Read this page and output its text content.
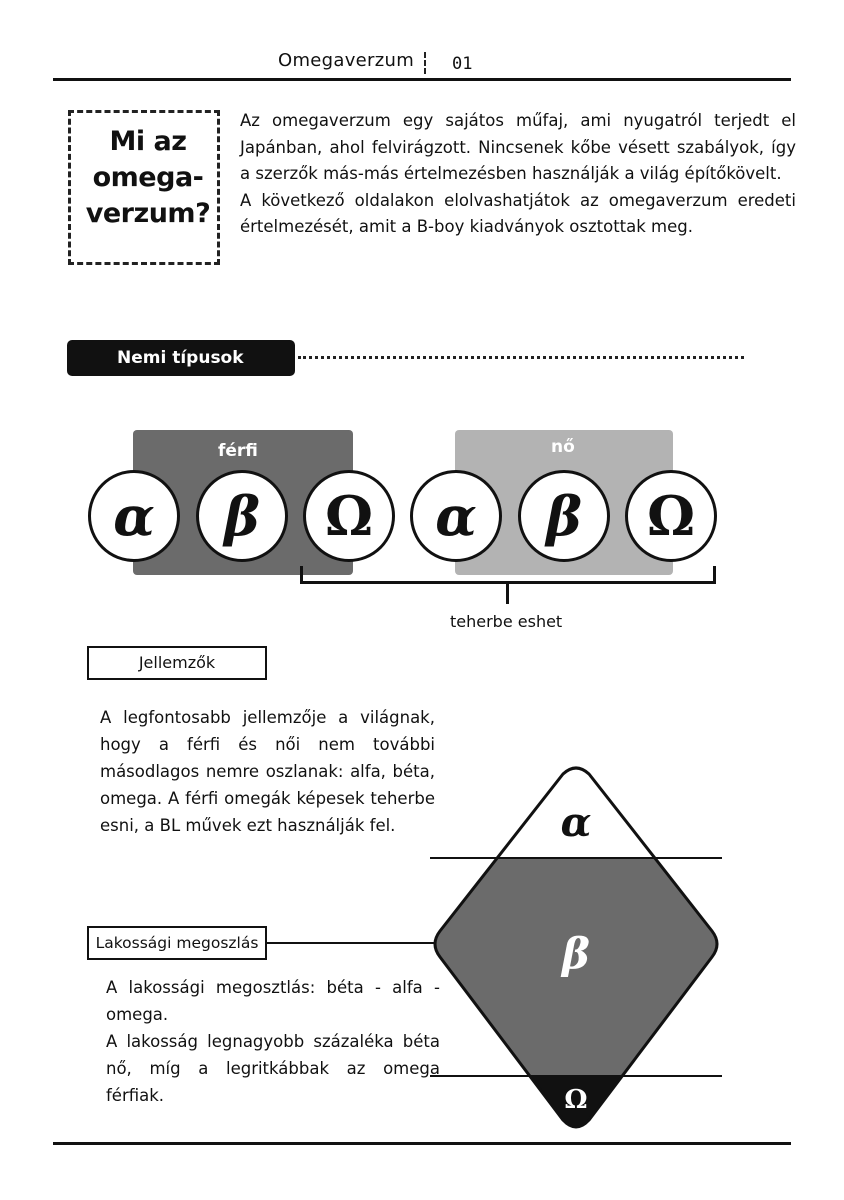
Omegaverzum 01
Mi az
omega-
verzum?

Az omegaverzum egy sajátos műfaj, ami nyugatról terjedt el Japánban, ahol felvirágzott. Nincsenek kőbe vésett szabályok, így a szerzők más-más értelmezésben használják a világ építőkövelt.

A következő oldalakon elolvashatjátok az omegaverzum eredeti értelmezését, amit a B-boy kiadványok osztottak meg.

Nemi típusok
férfi	nő
α	β	Ω	α	β	Ω
teherbe eshet
Jellemzők
A legfontosabb jellemzője a világnak, hogy a férfi és női nem további másodlagos nemre oszlanak: alfa, béta, omega. A férfi omegák képesek teherbe esni, a BL művek ezt használják fel.
Lakossági megoszlás

A lakossági megosztlás: béta - alfa - omega.

A lakosság legnagyobb százaléka béta nő, míg a legritkábbak az omega férfiak.

α
β
Ω
